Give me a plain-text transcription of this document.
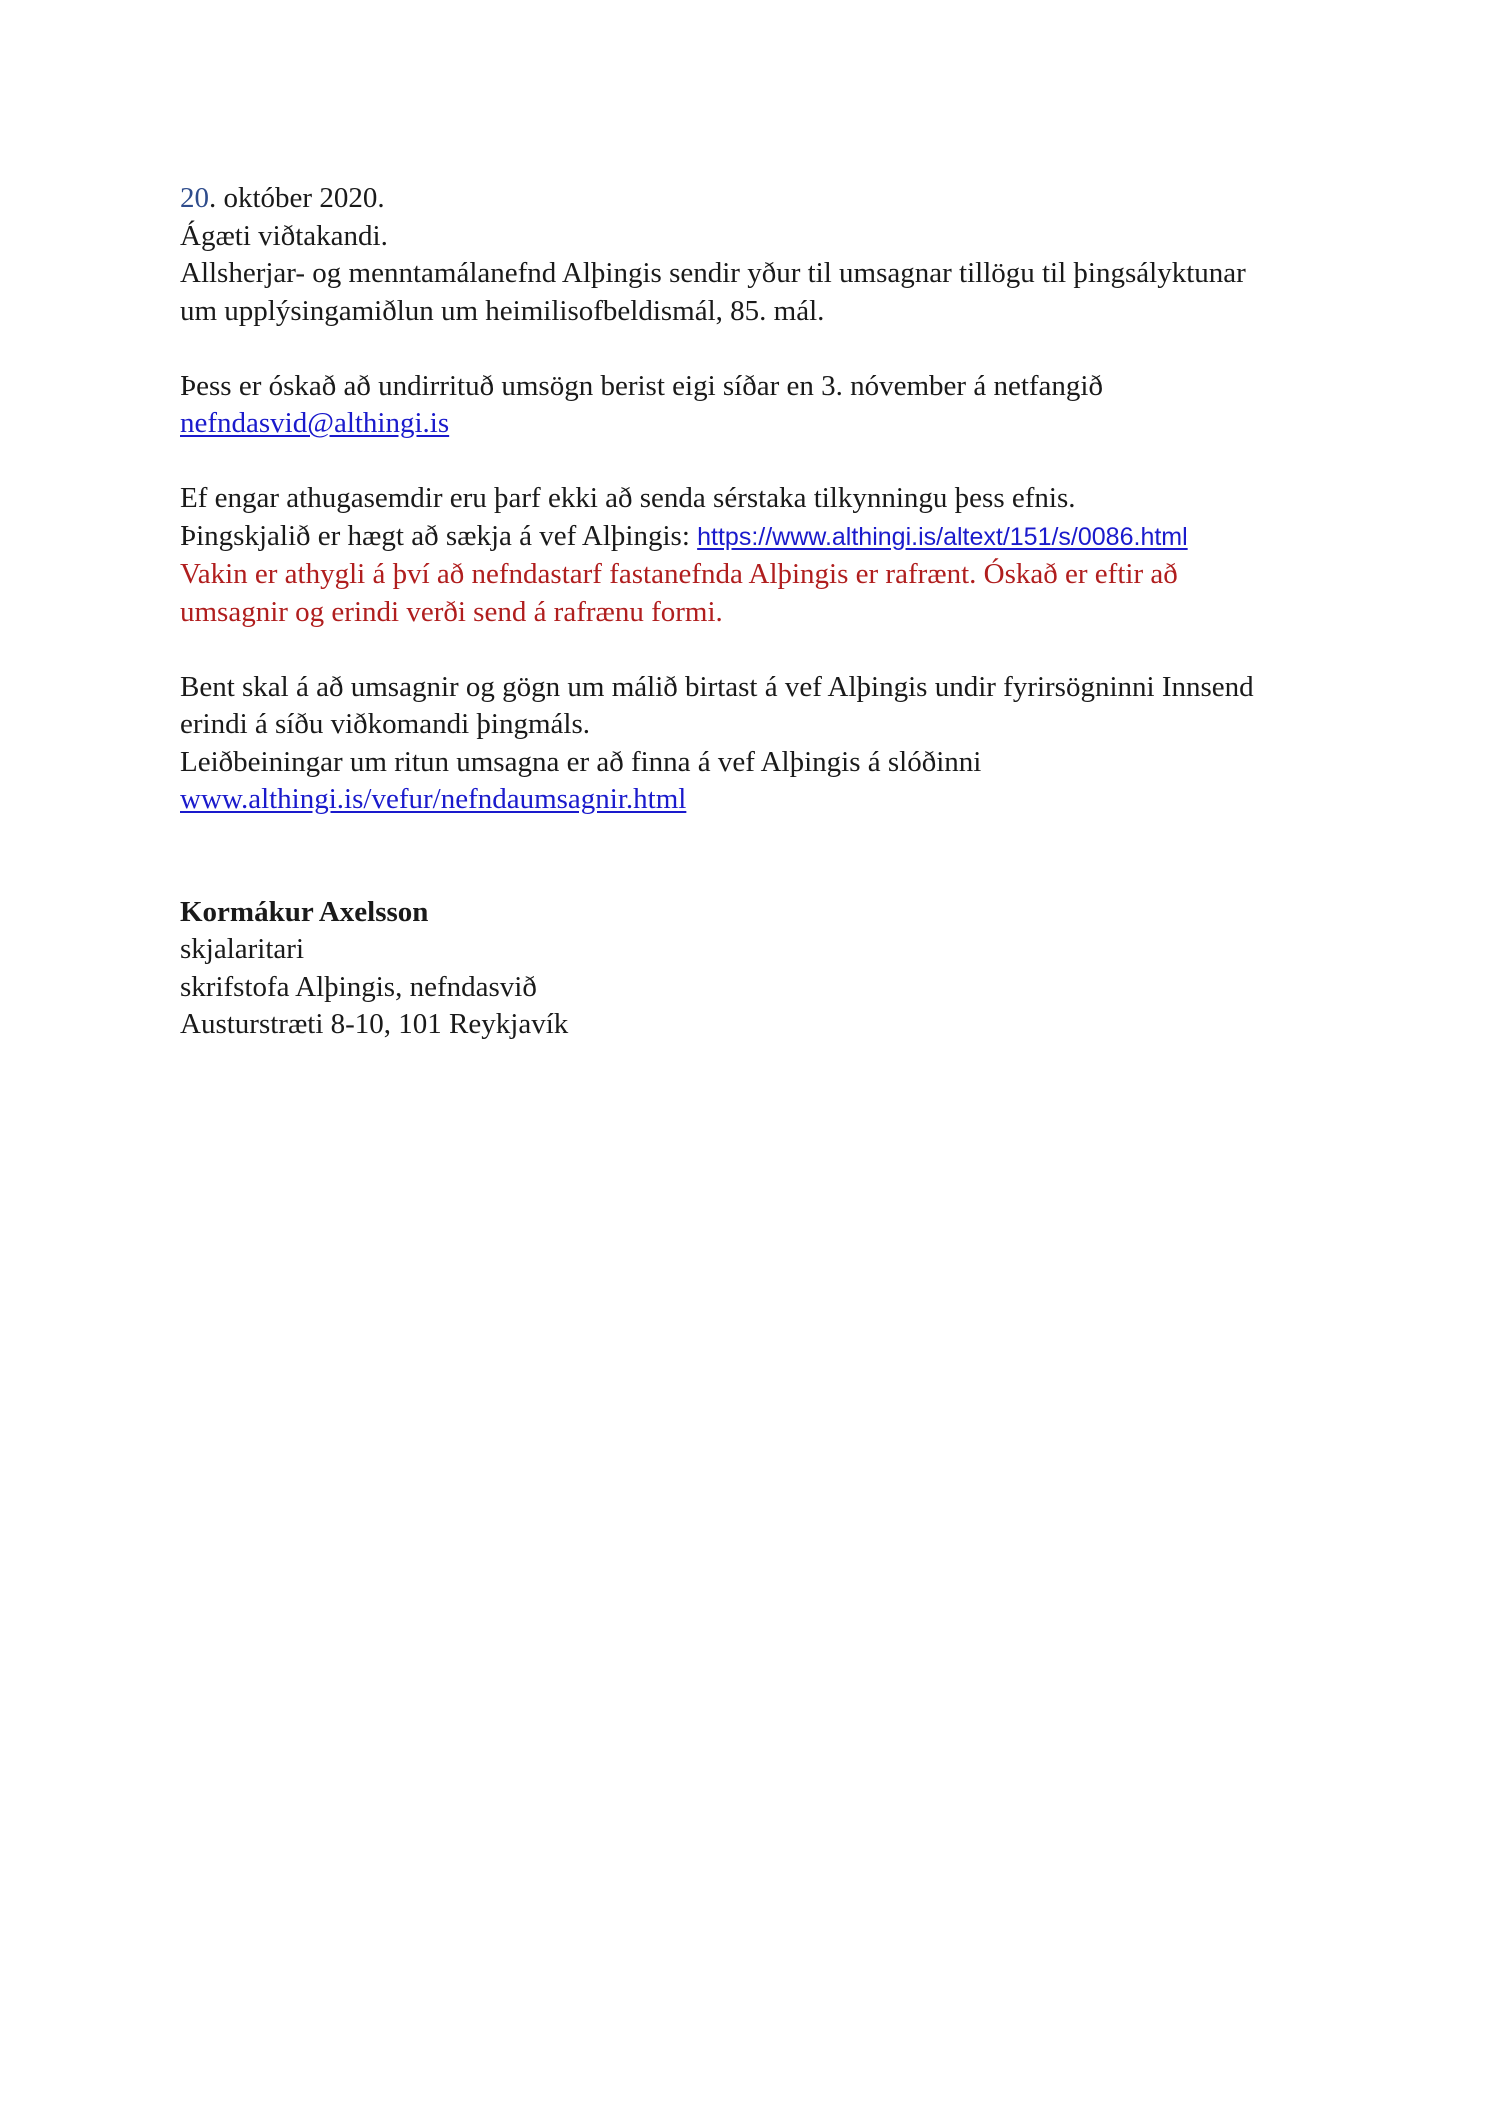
20. október 2020.
Ágæti viðtakandi.
Allsherjar- og menntamálanefnd Alþingis sendir yður til umsagnar tillögu til þingsályktunar
um upplýsingamiðlun um heimilisofbeldismál, 85. mál.
Þess er óskað að undirrituð umsögn berist eigi síðar en 3. nóvember á netfangið
nefndasvid@althingi.is
Ef engar athugasemdir eru þarf ekki að senda sérstaka tilkynningu þess efnis.
Þingskjalið er hægt að sækja á vef Alþingis: https://www.althingi.is/altext/151/s/0086.html
Vakin er athygli á því að nefndastarf fastanefnda Alþingis er rafrænt. Óskað er eftir að
umsagnir og erindi verði send á rafrænu formi.
Bent skal á að umsagnir og gögn um málið birtast á vef Alþingis undir fyrirsögninni Innsend
erindi á síðu viðkomandi þingmáls.
Leiðbeiningar um ritun umsagna er að finna á vef Alþingis á slóðinni
www.althingi.is/vefur/nefndaumsagnir.html
Kormákur Axelsson
skjalaritari
skrifstofa Alþingis, nefndasvið
Austurstræti 8-10, 101 Reykjavík
